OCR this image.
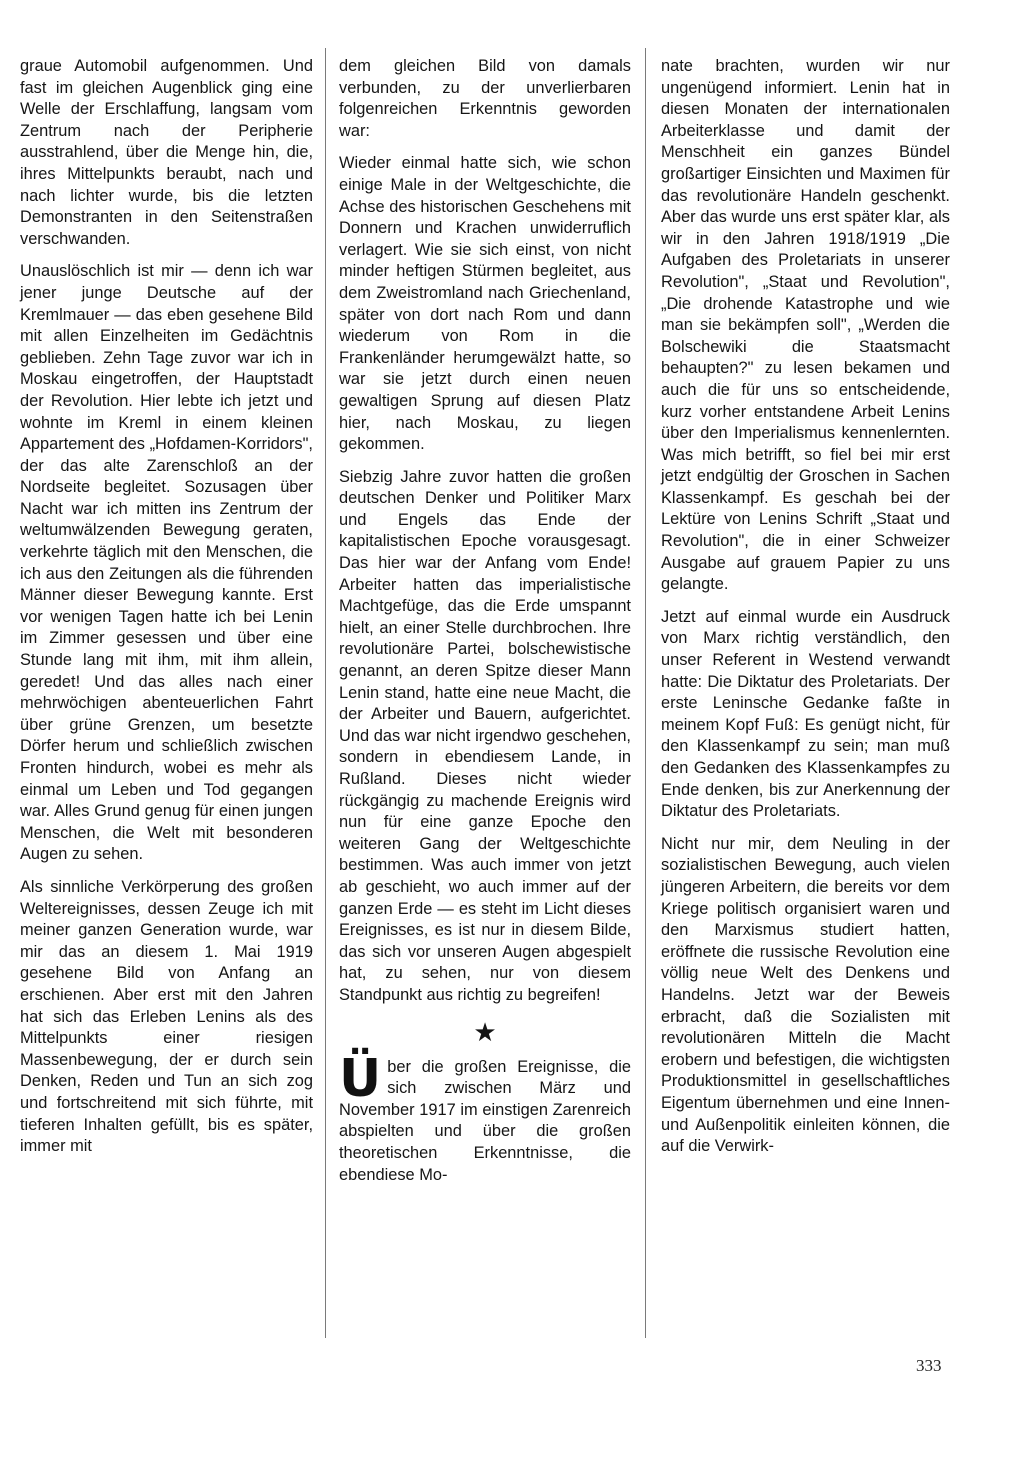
graue Automobil aufgenommen. Und fast im gleichen Augenblick ging eine Welle der Erschlaffung, langsam vom Zentrum nach der Peripherie ausstrahlend, über die Menge hin, die, ihres Mittelpunkts beraubt, nach und nach lichter wurde, bis die letzten Demonstranten in den Seitenstraßen verschwanden.

Unauslöschlich ist mir — denn ich war jener junge Deutsche auf der Kremlmauer — das eben gesehene Bild mit allen Einzelheiten im Gedächtnis geblieben. Zehn Tage zuvor war ich in Moskau eingetroffen, der Hauptstadt der Revolution. Hier lebte ich jetzt und wohnte im Kreml in einem kleinen Appartement des „Hofdamen-Korridors", der das alte Zarenschloß an der Nordseite begleitet. Sozusagen über Nacht war ich mitten ins Zentrum der weltumwälzenden Bewegung geraten, verkehrte täglich mit den Menschen, die ich aus den Zeitungen als die führenden Männer dieser Bewegung kannte. Erst vor wenigen Tagen hatte ich bei Lenin im Zimmer gesessen und über eine Stunde lang mit ihm, mit ihm allein, geredet! Und das alles nach einer mehrwöchigen abenteuerlichen Fahrt über grüne Grenzen, um besetzte Dörfer herum und schließlich zwischen Fronten hindurch, wobei es mehr als einmal um Leben und Tod gegangen war. Alles Grund genug für einen jungen Menschen, die Welt mit besonderen Augen zu sehen.

Als sinnliche Verkörperung des großen Weltereignisses, dessen Zeuge ich mit meiner ganzen Generation wurde, war mir das an diesem 1. Mai 1919 gesehene Bild von Anfang an erschienen. Aber erst mit den Jahren hat sich das Erleben Lenins als des Mittelpunkts einer riesigen Massenbewegung, der er durch sein Denken, Reden und Tun an sich zog und fortschreitend mit sich führte, mit tieferen Inhalten gefüllt, bis es später, immer mit

dem gleichen Bild von damals verbunden, zu der unverlierbaren folgenreichen Erkenntnis geworden war:

Wieder einmal hatte sich, wie schon einige Male in der Weltgeschichte, die Achse des historischen Geschehens mit Donnern und Krachen unwiderruflich verlagert. Wie sie sich einst, von nicht minder heftigen Stürmen begleitet, aus dem Zweistromland nach Griechenland, später von dort nach Rom und dann wiederum von Rom in die Frankenländer herumgewälzt hatte, so war sie jetzt durch einen neuen gewaltigen Sprung auf diesen Platz hier, nach Moskau, zu liegen gekommen.

Siebzig Jahre zuvor hatten die großen deutschen Denker und Politiker Marx und Engels das Ende der kapitalistischen Epoche vorausgesagt. Das hier war der Anfang vom Ende! Arbeiter hatten das imperialistische Machtgefüge, das die Erde umspannt hielt, an einer Stelle durchbrochen. Ihre revolutionäre Partei, bolschewistische genannt, an deren Spitze dieser Mann Lenin stand, hatte eine neue Macht, die der Arbeiter und Bauern, aufgerichtet. Und das war nicht irgendwo geschehen, sondern in ebendiesem Lande, in Rußland. Dieses nicht wieder rückgängig zu machende Ereignis wird nun für eine ganze Epoche den weiteren Gang der Weltgeschichte bestimmen. Was auch immer von jetzt ab geschieht, wo auch immer auf der ganzen Erde — es steht im Licht dieses Ereignisses, es ist nur in diesem Bilde, das sich vor unseren Augen abgespielt hat, zu sehen, nur von diesem Standpunkt aus richtig zu begreifen!

★

Über die großen Ereignisse, die sich zwischen März und November 1917 im einstigen Zarenreich abspielten und über die großen theoretischen Erkenntnisse, die ebendiese Mo-

nate brachten, wurden wir nur ungenügend informiert. Lenin hat in diesen Monaten der internationalen Arbeiterklasse und damit der Menschheit ein ganzes Bündel großartiger Einsichten und Maximen für das revolutionäre Handeln geschenkt. Aber das wurde uns erst später klar, als wir in den Jahren 1918/1919 „Die Aufgaben des Proletariats in unserer Revolution", „Staat und Revolution", „Die drohende Katastrophe und wie man sie bekämpfen soll", „Werden die Bolschewiki die Staatsmacht behaupten?" zu lesen bekamen und auch die für uns so entscheidende, kurz vorher entstandene Arbeit Lenins über den Imperialismus kennenlernten. Was mich betrifft, so fiel bei mir erst jetzt endgültig der Groschen in Sachen Klassenkampf. Es geschah bei der Lektüre von Lenins Schrift „Staat und Revolution", die in einer Schweizer Ausgabe auf grauem Papier zu uns gelangte.

Jetzt auf einmal wurde ein Ausdruck von Marx richtig verständlich, den unser Referent in Westend verwandt hatte: Die Diktatur des Proletariats. Der erste Leninsche Gedanke faßte in meinem Kopf Fuß: Es genügt nicht, für den Klassenkampf zu sein; man muß den Gedanken des Klassenkampfes zu Ende denken, bis zur Anerkennung der Diktatur des Proletariats.

Nicht nur mir, dem Neuling in der sozialistischen Bewegung, auch vielen jüngeren Arbeitern, die bereits vor dem Kriege politisch organisiert waren und den Marxismus studiert hatten, eröffnete die russische Revolution eine völlig neue Welt des Denkens und Handelns. Jetzt war der Beweis erbracht, daß die Sozialisten mit revolutionären Mitteln die Macht erobern und befestigen, die wichtigsten Produktionsmittel in gesellschaftliches Eigentum übernehmen und eine Innen- und Außenpolitik einleiten können, die auf die Verwirk-

333
